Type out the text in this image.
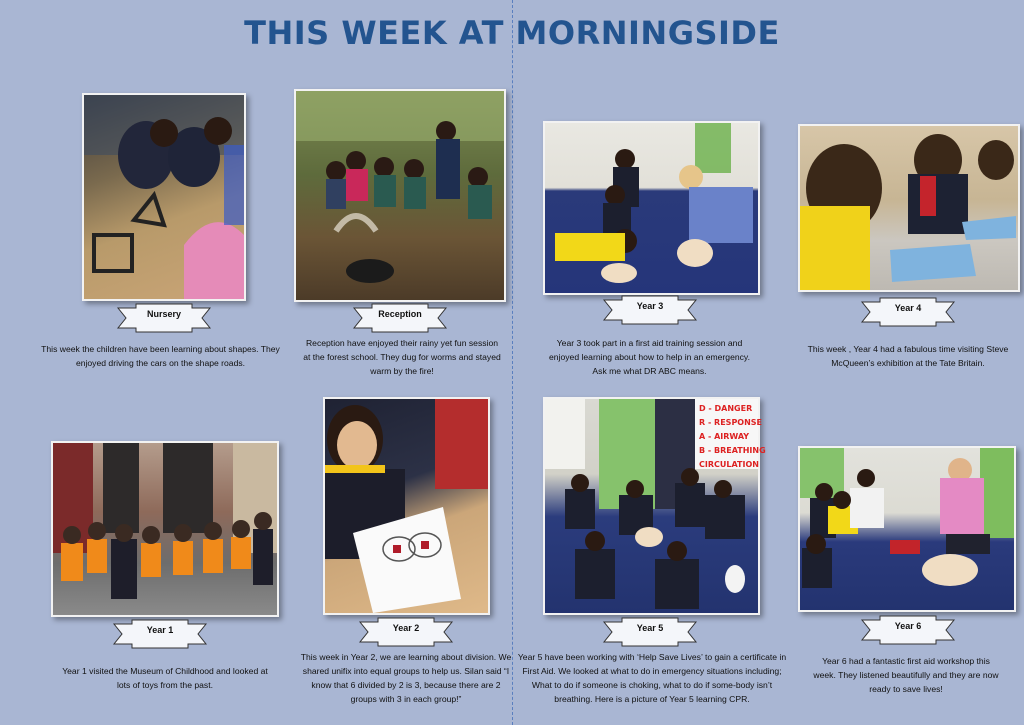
THIS WEEK AT MORNINGSIDE
Nursery
This week the children have been learning about shapes. They enjoyed driving the cars on the shape roads.
Reception
Reception have enjoyed their rainy yet fun session at the forest school. They dug for worms and stayed warm by the fire!
Year 3
Year 3 took part in a first aid training session and enjoyed learning about how to help in an emergency. Ask me what DR ABC means.
Year 4
This week , Year 4 had a fabulous time visiting Steve McQueen’s exhibition at the Tate Britain.
Year 1
Year 1 visited the Museum of Childhood and looked at lots of toys from the past.
Year 2
This week in Year 2, we are learning about division. We shared unifix into equal groups to help us. Silan said “I know that 6 divided by 2 is 3, because there are 2 groups with 3 in each group!”
D - DANGER
R - RESPONSE
A - AIRWAY
B - BREATHING
CIRCULATION
Year 5
Year 5 have been working with ‘Help Save Lives’ to gain a certificate in First Aid. We looked at what to do in emergency situations including; What to do if someone is choking, what to do if some-body isn’t breathing. Here is a picture of Year 5 learning CPR.
Year 6
Year 6 had a fantastic first aid workshop this week. They listened beautifully and they are now ready to save lives!
